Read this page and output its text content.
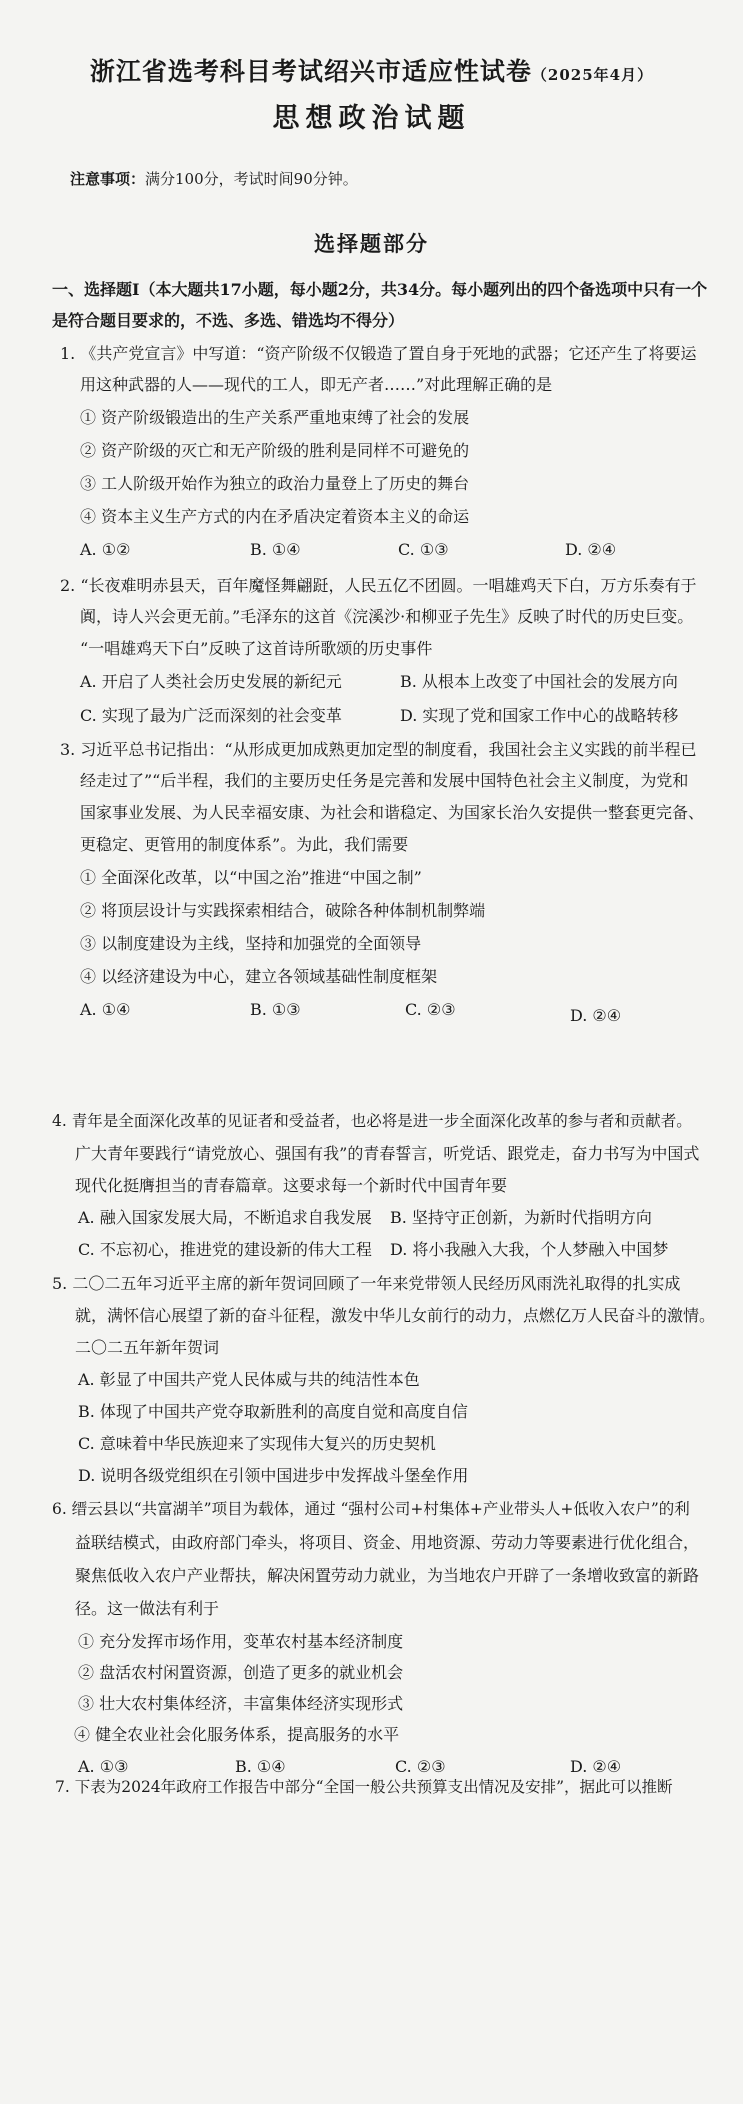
浙江省选考科目考试绍兴市适应性试卷（2025年4月）
思想政治试题
注意事项：满分100分，考试时间90分钟。
选择题部分
一、选择题Ⅰ（本大题共17小题，每小题2分，共34分。每小题列出的四个备选项中只有一个是符合题目要求的，不选、多选、错选均不得分）
1. 《共产党宣言》中写道：“资产阶级不仅锻造了置自身于死地的武器；它还产生了将要运
用这种武器的人——现代的工人，即无产者……”对此理解正确的是
① 资产阶级锻造出的生产关系严重地束缚了社会的发展
② 资产阶级的灭亡和无产阶级的胜利是同样不可避免的
③ 工人阶级开始作为独立的政治力量登上了历史的舞台
④ 资本主义生产方式的内在矛盾决定着资本主义的命运
A. ①②	B. ①④	C. ①③	D. ②④
2. “长夜难明赤县天，百年魔怪舞翩跹，人民五亿不团圆。一唱雄鸡天下白，万方乐奏有于
阗，诗人兴会更无前。”毛泽东的这首《浣溪沙·和柳亚子先生》反映了时代的历史巨变。
“一唱雄鸡天下白”反映了这首诗所歌颂的历史事件
A. 开启了人类社会历史发展的新纪元	B. 从根本上改变了中国社会的发展方向
C. 实现了最为广泛而深刻的社会变革	D. 实现了党和国家工作中心的战略转移
3. 习近平总书记指出：“从形成更加成熟更加定型的制度看，我国社会主义实践的前半程已
经走过了”“后半程，我们的主要历史任务是完善和发展中国特色社会主义制度，为党和
国家事业发展、为人民幸福安康、为社会和谐稳定、为国家长治久安提供一整套更完备、
更稳定、更管用的制度体系”。为此，我们需要
① 全面深化改革，以“中国之治”推进“中国之制”
② 将顶层设计与实践探索相结合，破除各种体制机制弊端
③ 以制度建设为主线，坚持和加强党的全面领导
④ 以经济建设为中心，建立各领域基础性制度框架
A. ①④	B. ①③	C. ②③	D. ②④
4. 青年是全面深化改革的见证者和受益者，也必将是进一步全面深化改革的参与者和贡献者。
广大青年要践行“请党放心、强国有我”的青春誓言，听党话、跟党走，奋力书写为中国式
现代化挺膺担当的青春篇章。这要求每一个新时代中国青年要
A. 融入国家发展大局，不断追求自我发展 B. 坚持守正创新，为新时代指明方向
C. 不忘初心，推进党的建设新的伟大工程 D. 将小我融入大我，个人梦融入中国梦
5. 二〇二五年习近平主席的新年贺词回顾了一年来党带领人民经历风雨洗礼取得的扎实成
就，满怀信心展望了新的奋斗征程，激发中华儿女前行的动力，点燃亿万人民奋斗的激情。
二〇二五年新年贺词
A. 彰显了中国共产党人民体威与共的纯洁性本色
B. 体现了中国共产党夺取新胜利的高度自觉和高度自信
C. 意味着中华民族迎来了实现伟大复兴的历史契机
D. 说明各级党组织在引领中国进步中发挥战斗堡垒作用
6. 缙云县以“共富湖羊”项目为载体，通过 “强村公司+村集体+产业带头人+低收入农户”的利
益联结模式，由政府部门牵头，将项目、资金、用地资源、劳动力等要素进行优化组合，
聚焦低收入农户产业帮扶，解决闲置劳动力就业，为当地农户开辟了一条增收致富的新路
径。这一做法有利于
① 充分发挥市场作用，变革农村基本经济制度
② 盘活农村闲置资源，创造了更多的就业机会
③ 壮大农村集体经济，丰富集体经济实现形式
④ 健全农业社会化服务体系，提高服务的水平
A. ①③	B. ①④	C. ②③	D. ②④
7. 下表为2024年政府工作报告中部分“全国一般公共预算支出情况及安排”，据此可以推断
